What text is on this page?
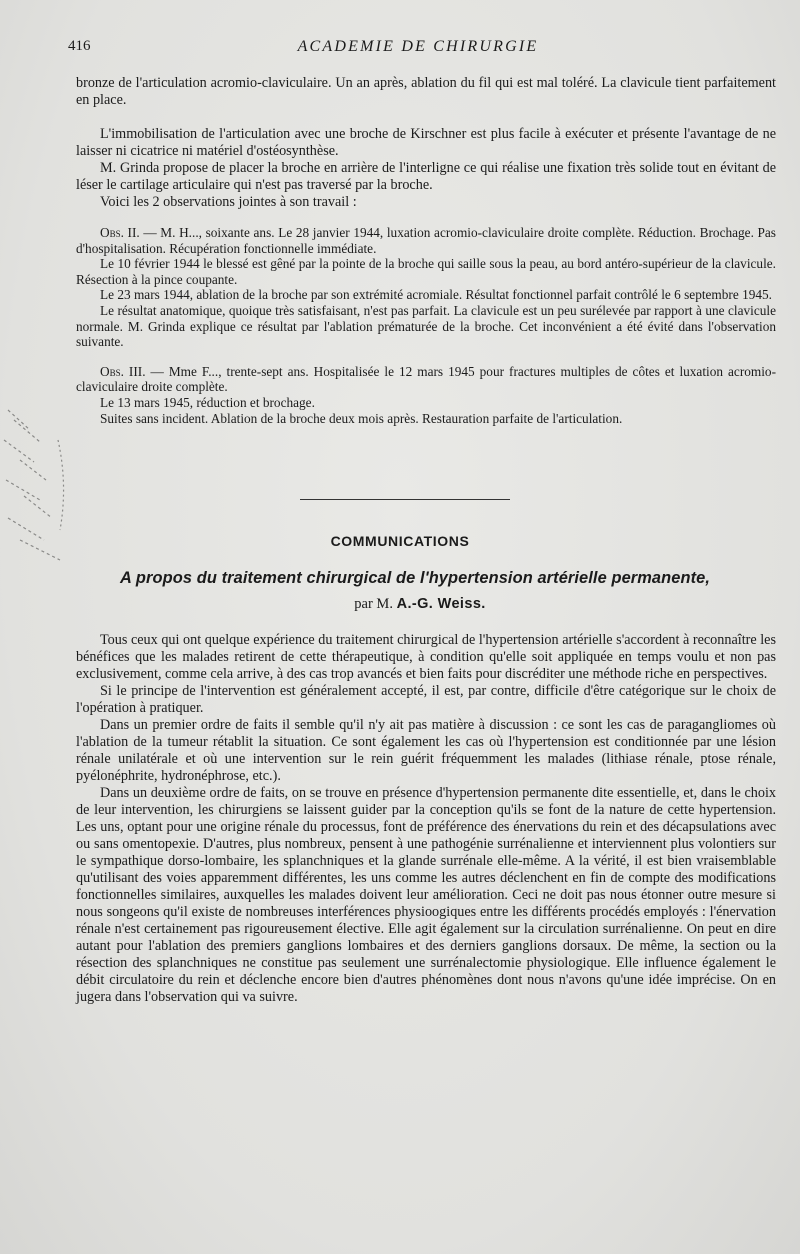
416	ACADEMIE DE CHIRURGIE

bronze de l'articulation acromio-claviculaire. Un an après, ablation du fil qui est mal toléré. La clavicule tient parfaitement en place.

L'immobilisation de l'articulation avec une broche de Kirschner est plus facile à exécuter et présente l'avantage de ne laisser ni cicatrice ni matériel d'ostéosynthèse.

M. Grinda propose de placer la broche en arrière de l'interligne ce qui réalise une fixation très solide tout en évitant de léser le cartilage articulaire qui n'est pas traversé par la broche.

Voici les 2 observations jointes à son travail :

Obs. II. — M. H..., soixante ans. Le 28 janvier 1944, luxation acromio-claviculaire droite complète. Réduction. Brochage. Pas d'hospitalisation. Récupération fonctionnelle immédiate.

Le 10 février 1944 le blessé est gêné par la pointe de la broche qui saille sous la peau, au bord antéro-supérieur de la clavicule. Résection à la pince coupante.

Le 23 mars 1944, ablation de la broche par son extrémité acromiale. Résultat fonctionnel parfait contrôlé le 6 septembre 1945.

Le résultat anatomique, quoique très satisfaisant, n'est pas parfait. La clavicule est un peu surélevée par rapport à une clavicule normale. M. Grinda explique ce résultat par l'ablation prématurée de la broche. Cet inconvénient a été évité dans l'observation suivante.

Obs. III. — Mme F..., trente-sept ans. Hospitalisée le 12 mars 1945 pour fractures multiples de côtes et luxation acromio-claviculaire droite complète.

Le 13 mars 1945, réduction et brochage.

Suites sans incident. Ablation de la broche deux mois après. Restauration parfaite de l'articulation.

COMMUNICATIONS
A propos du traitement chirurgical de l'hypertension artérielle permanente,
par M. A.-G. Weiss.

Tous ceux qui ont quelque expérience du traitement chirurgical de l'hypertension artérielle s'accordent à reconnaître les bénéfices que les malades retirent de cette thérapeutique, à condition qu'elle soit appliquée en temps voulu et non pas exclusivement, comme cela arrive, à des cas trop avancés et bien faits pour discréditer une méthode riche en perspectives.

Si le principe de l'intervention est généralement accepté, il est, par contre, difficile d'être catégorique sur le choix de l'opération à pratiquer.

Dans un premier ordre de faits il semble qu'il n'y ait pas matière à discussion : ce sont les cas de paragangliomes où l'ablation de la tumeur rétablit la situation. Ce sont également les cas où l'hypertension est conditionnée par une lésion rénale unilatérale et où une intervention sur le rein guérit fréquemment les malades (lithiase rénale, ptose rénale, pyélonéphrite, hydronéphrose, etc.).

Dans un deuxième ordre de faits, on se trouve en présence d'hypertension permanente dite essentielle, et, dans le choix de leur intervention, les chirurgiens se laissent guider par la conception qu'ils se font de la nature de cette hypertension. Les uns, optant pour une origine rénale du processus, font de préférence des énervations du rein et des décapsulations avec ou sans omentopexie. D'autres, plus nombreux, pensent à une pathogénie surrénalienne et interviennent plus volontiers sur le sympathique dorso-lombaire, les splanchniques et la glande surrénale elle-même. A la vérité, il est bien vraisemblable qu'utilisant des voies apparemment différentes, les uns comme les autres déclenchent en fin de compte des modifications fonctionnelles similaires, auxquelles les malades doivent leur amélioration. Ceci ne doit pas nous étonner outre mesure si nous songeons qu'il existe de nombreuses interférences physioogiques entre les différents procédés employés : l'énervation rénale n'est certainement pas rigoureusement élective. Elle agit également sur la circulation surrénalienne. On peut en dire autant pour l'ablation des premiers ganglions lombaires et des derniers ganglions dorsaux. De même, la section ou la résection des splanchniques ne constitue pas seulement une surrénalectomie physiologique. Elle influence également le débit circulatoire du rein et déclenche encore bien d'autres phénomènes dont nous n'avons qu'une idée imprécise. On en jugera dans l'observation qui va suivre.
